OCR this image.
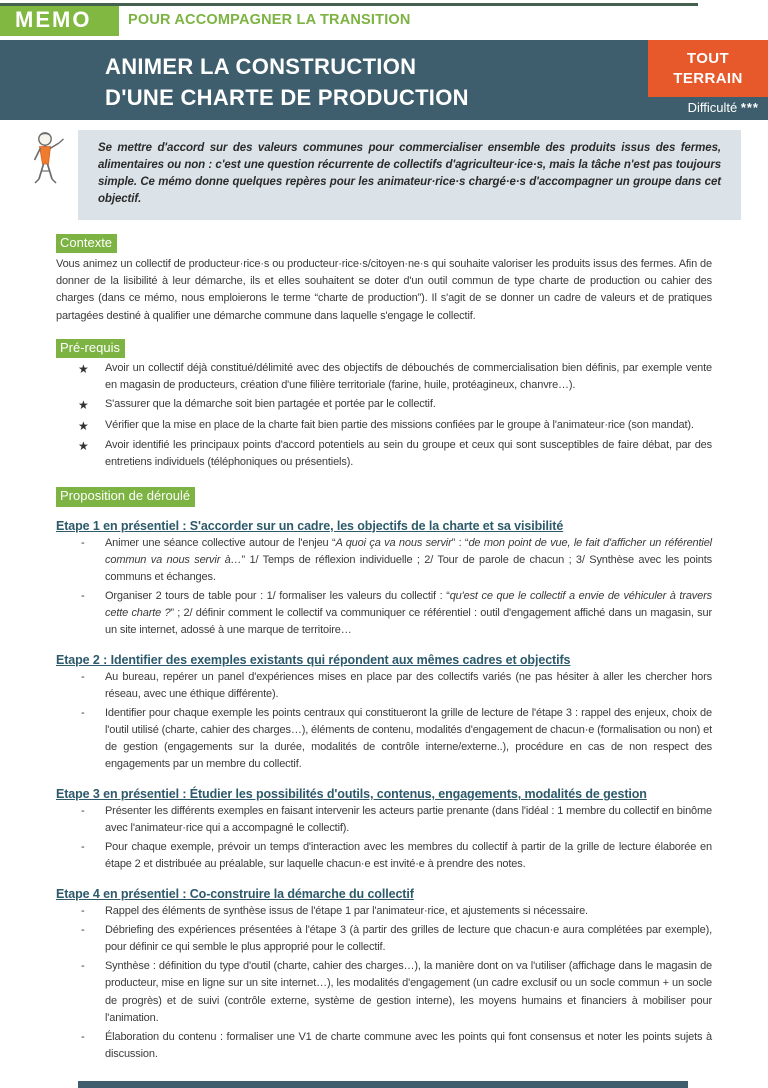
MEMO	POUR ACCOMPAGNER LA TRANSITION
ANIMER LA CONSTRUCTION
D'UNE CHARTE DE PRODUCTION
TOUT
TERRAIN
Difficulté ***

Se mettre d'accord sur des valeurs communes pour commercialiser ensemble des produits issus des fermes, alimentaires ou non : c'est une question récurrente de collectifs d'agriculteur·ice·s, mais la tâche n'est pas toujours simple. Ce mémo donne quelques repères pour les animateur·rice·s chargé·e·s d'accompagner un groupe dans cet objectif.

Contexte

Vous animez un collectif de producteur·rice·s ou producteur·rice·s/citoyen·ne·s qui souhaite valoriser les produits issus des fermes. Afin de donner de la lisibilité à leur démarche, ils et elles souhaitent se doter d'un outil commun de type charte de production ou cahier des charges (dans ce mémo, nous emploierons le terme “charte de production”). Il s'agit de se donner un cadre de valeurs et de pratiques partagées destiné à qualifier une démarche commune dans laquelle s'engage le collectif.

Pré-requis
★	Avoir un collectif déjà constitué/délimité avec des objectifs de débouchés de commercialisation bien définis, par exemple vente en magasin de producteurs, création d'une filière territoriale (farine, huile, protéagineux, chanvre…).

★	S'assurer que la démarche soit bien partagée et portée par le collectif.

★	Vérifier que la mise en place de la charte fait bien partie des missions confiées par le groupe à l'animateur·rice (son mandat).

★	Avoir identifié les principaux points d'accord potentiels au sein du groupe et ceux qui sont susceptibles de faire débat, par des entretiens individuels (téléphoniques ou présentiels).

Proposition de déroulé
Etape 1 en présentiel : S'accorder sur un cadre, les objectifs de la charte et sa visibilité
-	Animer une séance collective autour de l'enjeu “A quoi ça va nous servir” : “de mon point de vue, le fait d'afficher un référentiel commun va nous servir à…” 1/ Temps de réflexion individuelle ; 2/ Tour de parole de chacun ; 3/ Synthèse avec les points communs et échanges.

-	Organiser 2 tours de table pour : 1/ formaliser les valeurs du collectif : “qu'est ce que le collectif a envie de véhiculer à travers cette charte ?” ; 2/ définir comment le collectif va communiquer ce référentiel : outil d'engagement affiché dans un magasin, sur un site internet, adossé à une marque de territoire…

Etape 2 : Identifier des exemples existants qui répondent aux mêmes cadres et objectifs
-	Au bureau, repérer un panel d'expériences mises en place par des collectifs variés (ne pas hésiter à aller les chercher hors réseau, avec une éthique différente).

-	Identifier pour chaque exemple les points centraux qui constitueront la grille de lecture de l'étape 3 : rappel des enjeux, choix de l'outil utilisé (charte, cahier des charges…), éléments de contenu, modalités d'engagement de chacun·e (formalisation ou non) et de gestion (engagements sur la durée, modalités de contrôle interne/externe..), procédure en cas de non respect des engagements par un membre du collectif.

Etape 3 en présentiel : Étudier les possibilités d'outils, contenus, engagements, modalités de gestion
-	Présenter les différents exemples en faisant intervenir les acteurs partie prenante (dans l'idéal : 1 membre du collectif en binôme avec l'animateur·rice qui a accompagné le collectif).

-	Pour chaque exemple, prévoir un temps d'interaction avec les membres du collectif à partir de la grille de lecture élaborée en étape 2 et distribuée au préalable, sur laquelle chacun·e est invité·e à prendre des notes.

Etape 4 en présentiel : Co-construire la démarche du collectif
-	Rappel des éléments de synthèse issus de l'étape 1 par l'animateur·rice, et ajustements si nécessaire.

-	Débriefing des expériences présentées à l'étape 3 (à partir des grilles de lecture que chacun·e aura complétées par exemple), pour définir ce qui semble le plus approprié pour le collectif.

-	Synthèse : définition du type d'outil (charte, cahier des charges…), la manière dont on va l'utiliser (affichage dans le magasin de producteur, mise en ligne sur un site internet…), les modalités d'engagement (un cadre exclusif ou un socle commun + un socle de progrès) et de suivi (contrôle externe, système de gestion interne), les moyens humains et financiers à mobiliser pour l'animation.

-	Élaboration du contenu : formaliser une V1 de charte commune avec les points qui font consensus et noter les points sujets à discussion.
